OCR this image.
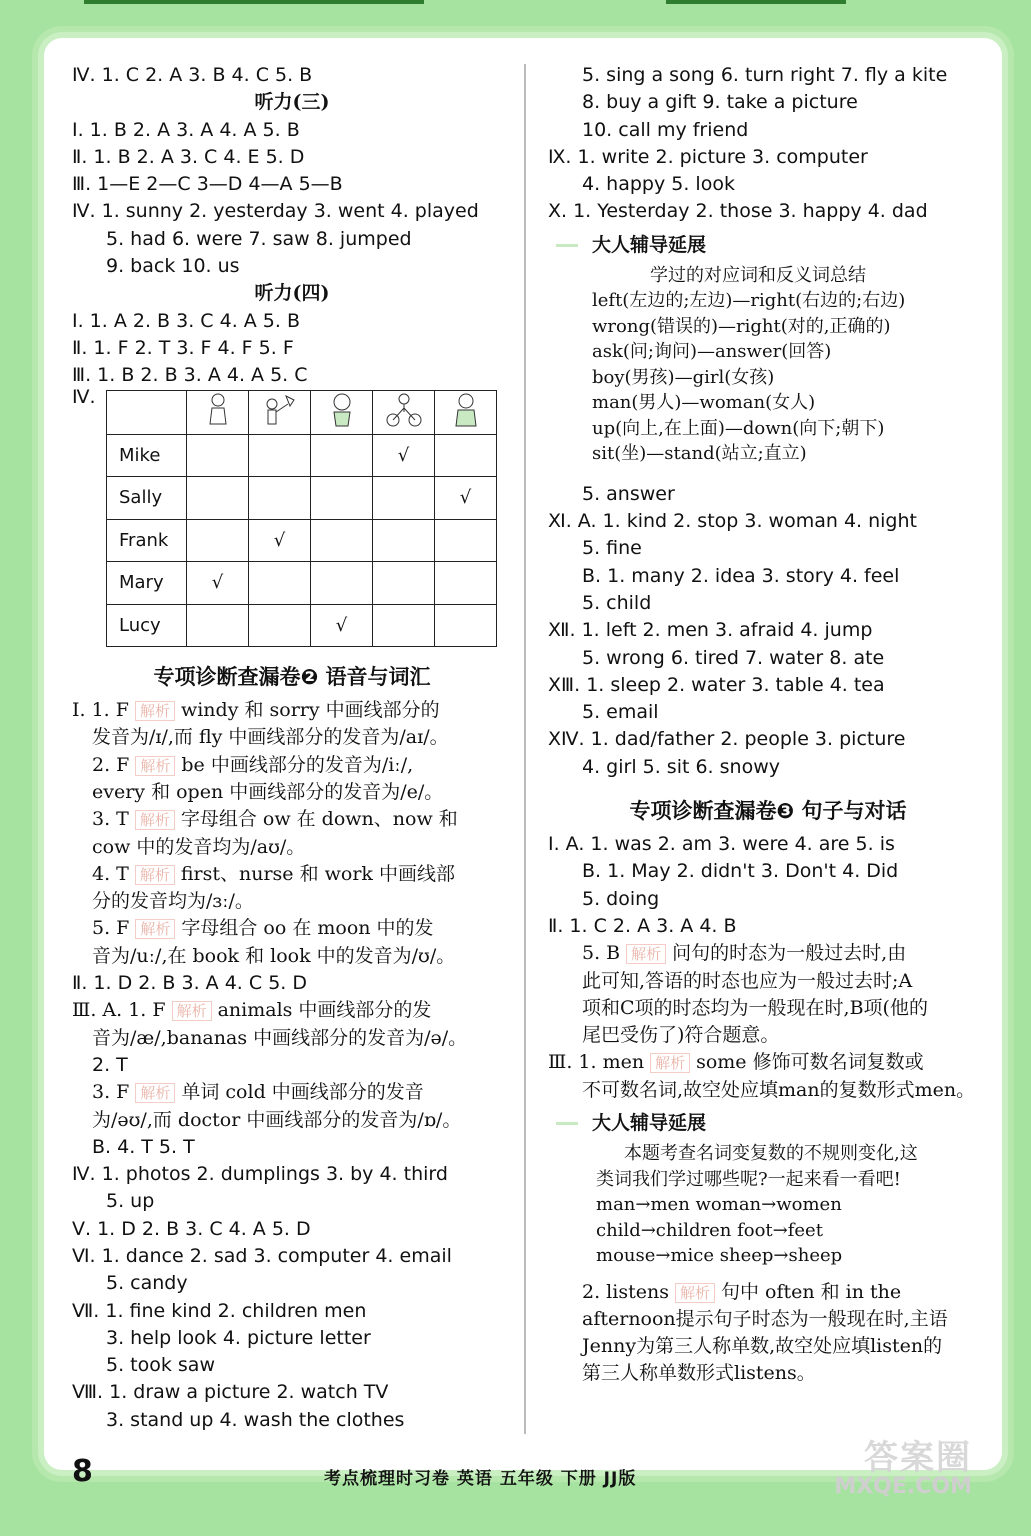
Ⅳ. 1. C 2. A 3. B 4. C 5. B
听力(三)
Ⅰ. 1. B 2. A 3. A 4. A 5. B
Ⅱ. 1. B 2. A 3. C 4. E 5. D
Ⅲ. 1—E 2—C 3—D 4—A 5—B
Ⅳ. 1. sunny 2. yesterday 3. went 4. played
5. had 6. were 7. saw 8. jumped
9. back 10. us
听力(四)
Ⅰ. 1. A 2. B 3. C 4. A 5. B
Ⅱ. 1. F 2. T 3. F 4. F 5. F
Ⅲ. 1. B 2. B 3. A 4. A 5. C
Ⅳ.

Mike				√	
Sally					√
Frank		√			
Mary	√				
Lucy			√		
专项诊断查漏卷❷ 语音与词汇
Ⅰ. 1. F 解析 windy 和 sorry 中画线部分的
发音为/ɪ/,而 fly 中画线部分的发音为/aɪ/。
2. F 解析 be 中画线部分的发音为/iː/,
every 和 open 中画线部分的发音为/e/。
3. T 解析 字母组合 ow 在 down、now 和
cow 中的发音均为/aʊ/。
4. T 解析 first、nurse 和 work 中画线部
分的发音均为/ɜː/。
5. F 解析 字母组合 oo 在 moon 中的发
音为/uː/,在 book 和 look 中的发音为/ʊ/。
Ⅱ. 1. D 2. B 3. A 4. C 5. D
Ⅲ. A. 1. F 解析 animals 中画线部分的发
音为/æ/,bananas 中画线部分的发音为/ə/。
2. T
3. F 解析 单词 cold 中画线部分的发音
为/əʊ/,而 doctor 中画线部分的发音为/ɒ/。
B. 4. T 5. T
Ⅳ. 1. photos 2. dumplings 3. by 4. third
5. up
Ⅴ. 1. D 2. B 3. C 4. A 5. D
Ⅵ. 1. dance 2. sad 3. computer 4. email
5. candy
Ⅶ. 1. fine kind 2. children men
3. help look 4. picture letter
5. took saw
Ⅷ. 1. draw a picture 2. watch TV
3. stand up 4. wash the clothes
5. sing a song 6. turn right 7. fly a kite
8. buy a gift 9. take a picture
10. call my friend
Ⅸ. 1. write 2. picture 3. computer
4. happy 5. look
Ⅹ. 1. Yesterday 2. those 3. happy 4. dad
大人辅导延展
学过的对应词和反义词总结
left(左边的;左边)—right(右边的;右边)
wrong(错误的)—right(对的,正确的)
ask(问;询问)—answer(回答)
boy(男孩)—girl(女孩)
man(男人)—woman(女人)
up(向上,在上面)—down(向下;朝下)
sit(坐)—stand(站立;直立)
5. answer
Ⅺ. A. 1. kind 2. stop 3. woman 4. night
5. fine
B. 1. many 2. idea 3. story 4. feel
5. child
Ⅻ. 1. left 2. men 3. afraid 4. jump
5. wrong 6. tired 7. water 8. ate
XⅢ. 1. sleep 2. water 3. table 4. tea
5. email
XⅣ. 1. dad/father 2. people 3. picture
4. girl 5. sit 6. snowy
专项诊断查漏卷❸ 句子与对话
Ⅰ. A. 1. was 2. am 3. were 4. are 5. is
B. 1. May 2. didn't 3. Don't 4. Did
5. doing
Ⅱ. 1. C 2. A 3. A 4. B
5. B 解析 问句的时态为一般过去时,由
此可知,答语的时态也应为一般过去时;A
项和C项的时态均为一般现在时,B项(他的
尾巴受伤了)符合题意。
Ⅲ. 1. men 解析 some 修饰可数名词复数或
不可数名词,故空处应填man的复数形式men。
大人辅导延展
本题考查名词变复数的不规则变化,这
类词我们学过哪些呢?一起来看一看吧!
man→men woman→women
child→children foot→feet
mouse→mice sheep→sheep
2. listens 解析 句中 often 和 in the
afternoon提示句子时态为一般现在时,主语
Jenny为第三人称单数,故空处应填listen的
第三人称单数形式listens。
8	考点梳理时习卷 英语 五年级 下册 JJ版
答案圈
MXQE.COM
